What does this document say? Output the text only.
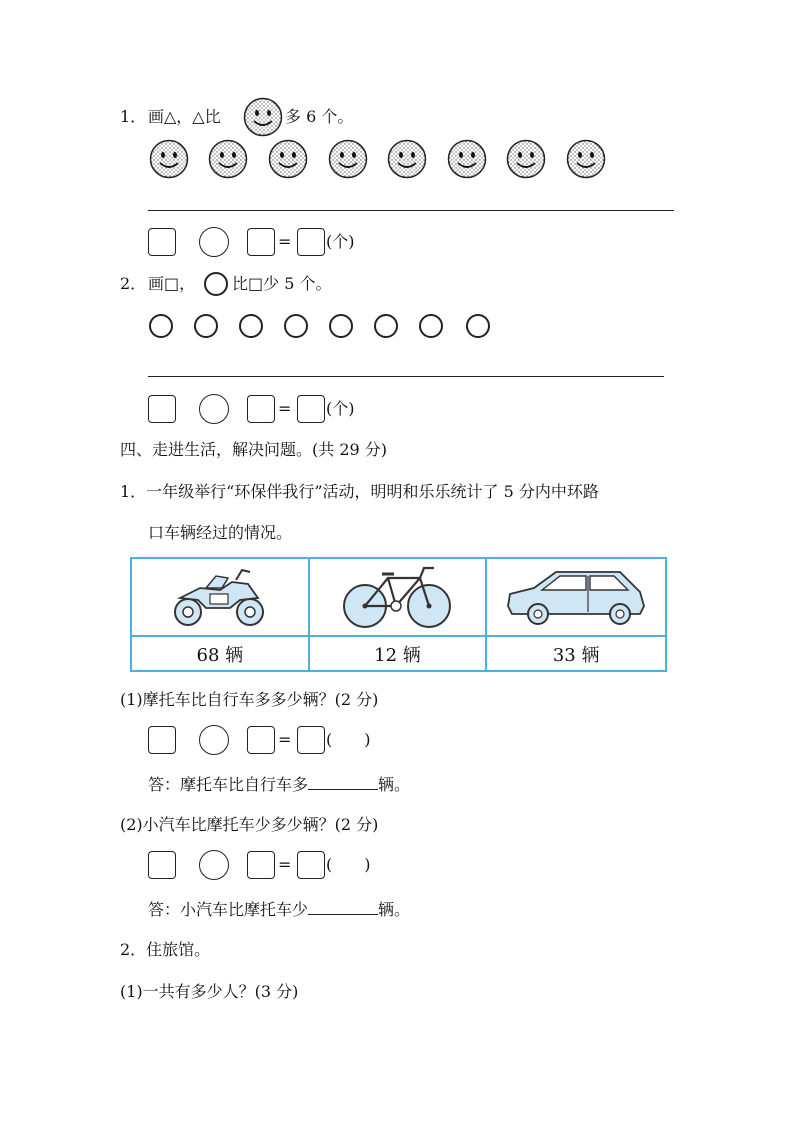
1． 画△，△比	多 6 个。
= (个)
2． 画□， 比□少 5 个。
= (个)
四、走进生活，解决问题。(共 29 分)
1．一年级举行“环保伴我行”活动，明明和乐乐统计了 5 分内中环路
口车辆经过的情况。
68 辆	12 辆	33 辆
(1)摩托车比自行车多多少辆？(2 分)
= (　　)
答：摩托车比自行车多	辆。
(2)小汽车比摩托车少多少辆？(2 分)
= (　　)
答：小汽车比摩托车少	辆。
2．住旅馆。
(1)一共有多少人？(3 分)
